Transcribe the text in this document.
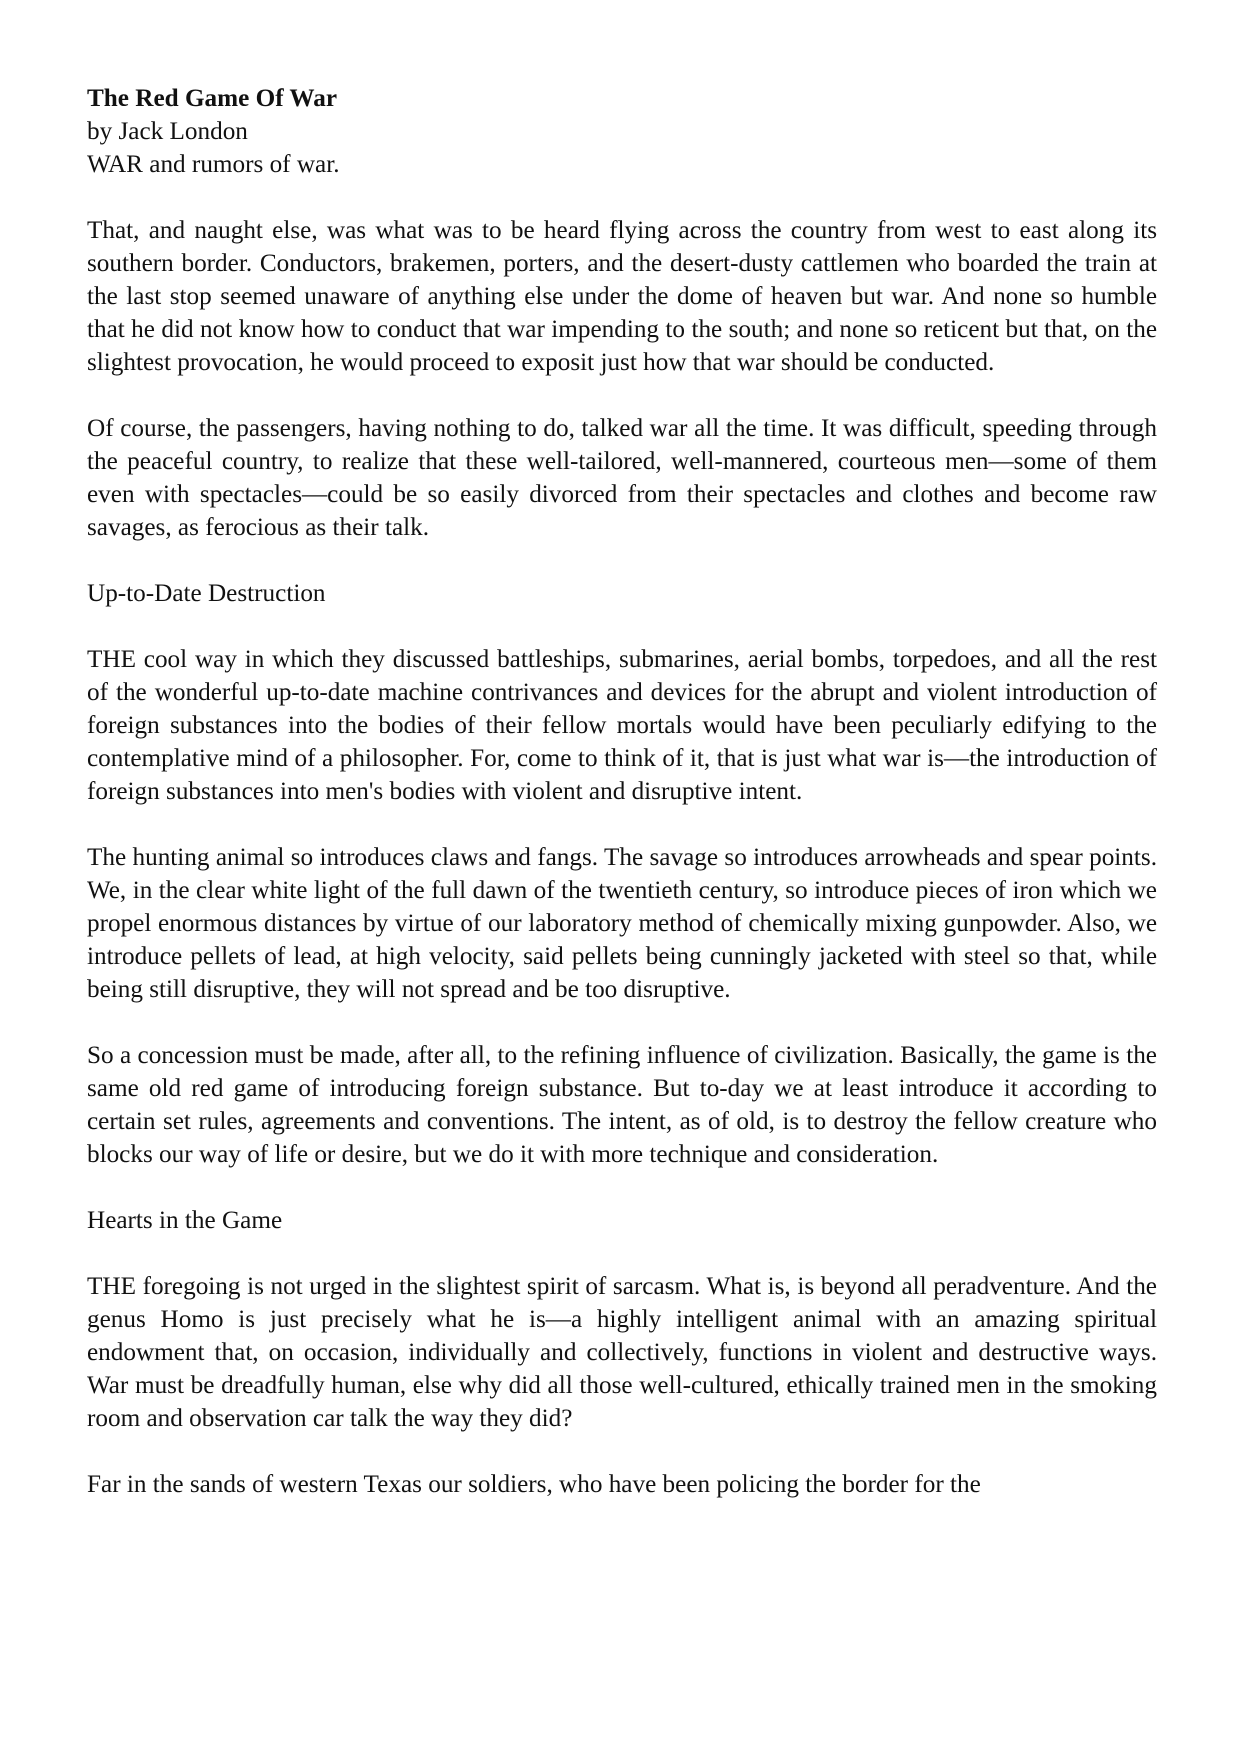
The Red Game Of War

by Jack London

WAR and rumors of war.

That, and naught else, was what was to be heard flying across the country from west to east along its southern border. Conductors, brakemen, porters, and the desert-dusty cattlemen who boarded the train at the last stop seemed unaware of anything else under the dome of heaven but war. And none so humble that he did not know how to conduct that war impending to the south; and none so reticent but that, on the slightest provocation, he would proceed to exposit just how that war should be conducted.

Of course, the passengers, having nothing to do, talked war all the time. It was difficult, speeding through the peaceful country, to realize that these well-tailored, well-mannered, courteous men—some of them even with spectacles—could be so easily divorced from their spectacles and clothes and become raw savages, as ferocious as their talk.

Up-to-Date Destruction

THE cool way in which they discussed battleships, submarines, aerial bombs, torpedoes, and all the rest of the wonderful up-to-date machine contrivances and devices for the abrupt and violent introduction of foreign substances into the bodies of their fellow mortals would have been peculiarly edifying to the contemplative mind of a philosopher. For, come to think of it, that is just what war is—the introduction of foreign substances into men's bodies with violent and disruptive intent.

The hunting animal so introduces claws and fangs. The savage so introduces arrowheads and spear points. We, in the clear white light of the full dawn of the twentieth century, so introduce pieces of iron which we propel enormous distances by virtue of our laboratory method of chemically mixing gunpowder. Also, we introduce pellets of lead, at high velocity, said pellets being cunningly jacketed with steel so that, while being still disruptive, they will not spread and be too disruptive.

So a concession must be made, after all, to the refining influence of civilization. Basically, the game is the same old red game of introducing foreign substance. But to-day we at least introduce it according to certain set rules, agreements and conventions. The intent, as of old, is to destroy the fellow creature who blocks our way of life or desire, but we do it with more technique and consideration.

Hearts in the Game

THE foregoing is not urged in the slightest spirit of sarcasm. What is, is beyond all peradventure. And the genus Homo is just precisely what he is—a highly intelligent animal with an amazing spiritual endowment that, on occasion, individually and collectively, functions in violent and destructive ways. War must be dreadfully human, else why did all those well-cultured, ethically trained men in the smoking room and observation car talk the way they did?

Far in the sands of western Texas our soldiers, who have been policing the border for the
